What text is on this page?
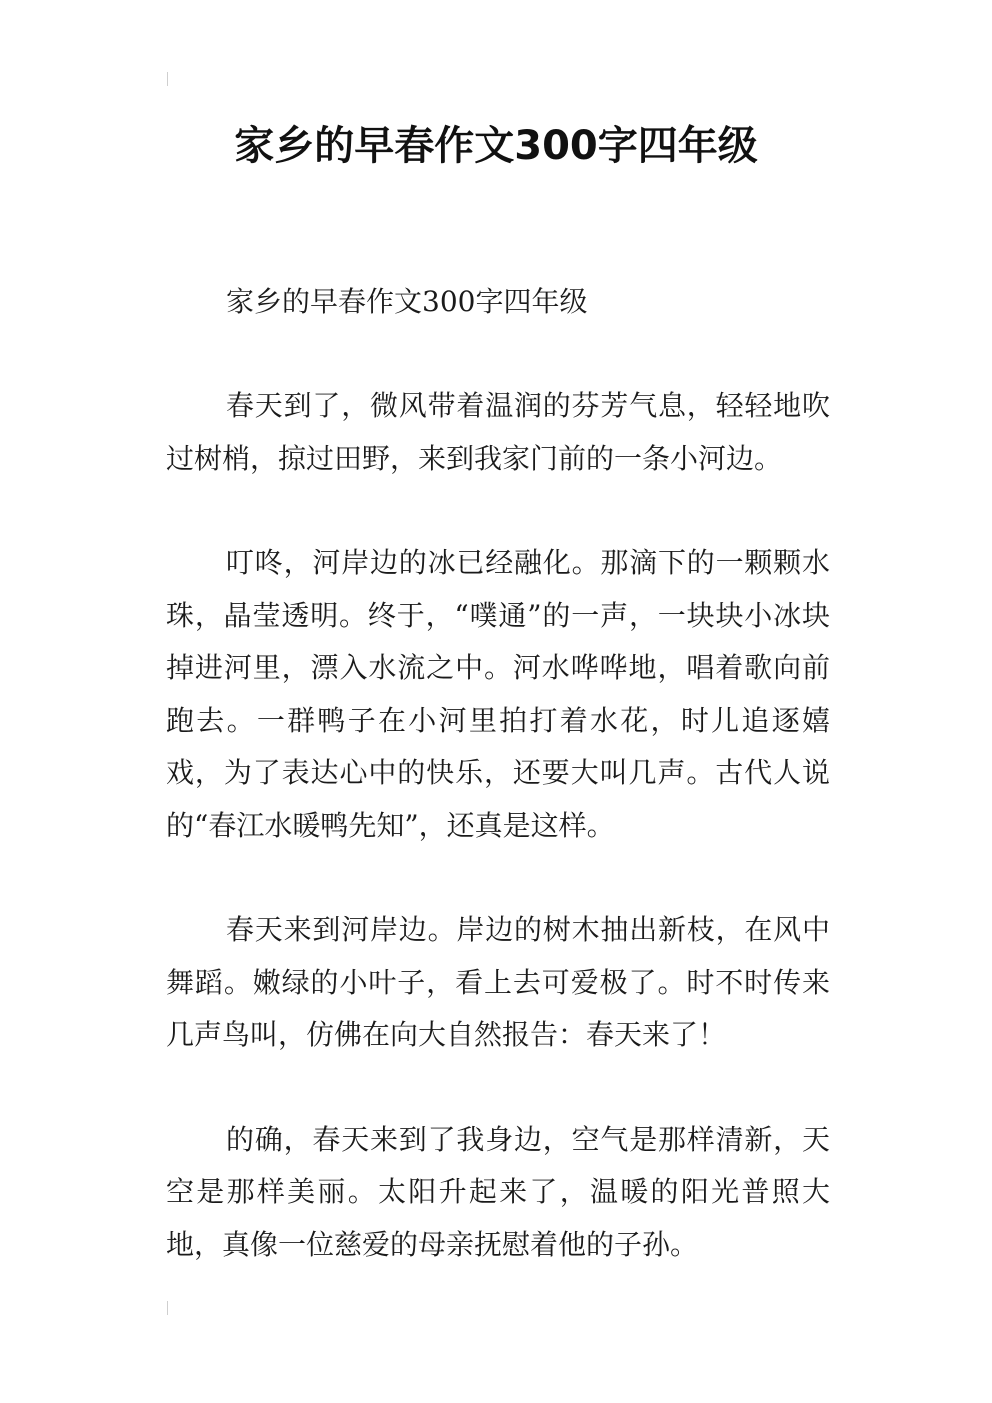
家乡的早春作文300字四年级

家乡的早春作文300字四年级

春天到了，微风带着温润的芬芳气息，轻轻地吹过树梢，掠过田野，来到我家门前的一条小河边。

叮咚，河岸边的冰已经融化。那滴下的一颗颗水珠，晶莹透明。终于，“噗通”的一声，一块块小冰块掉进河里，漂入水流之中。河水哗哗地，唱着歌向前跑去。一群鸭子在小河里拍打着水花，时儿追逐嬉戏，为了表达心中的快乐，还要大叫几声。古代人说的“春江水暖鸭先知”，还真是这样。

春天来到河岸边。岸边的树木抽出新枝，在风中舞蹈。嫩绿的小叶子，看上去可爱极了。时不时传来几声鸟叫，仿佛在向大自然报告：春天来了！

的确，春天来到了我身边，空气是那样清新，天空是那样美丽。太阳升起来了，温暖的阳光普照大地，真像一位慈爱的母亲抚慰着他的子孙。
